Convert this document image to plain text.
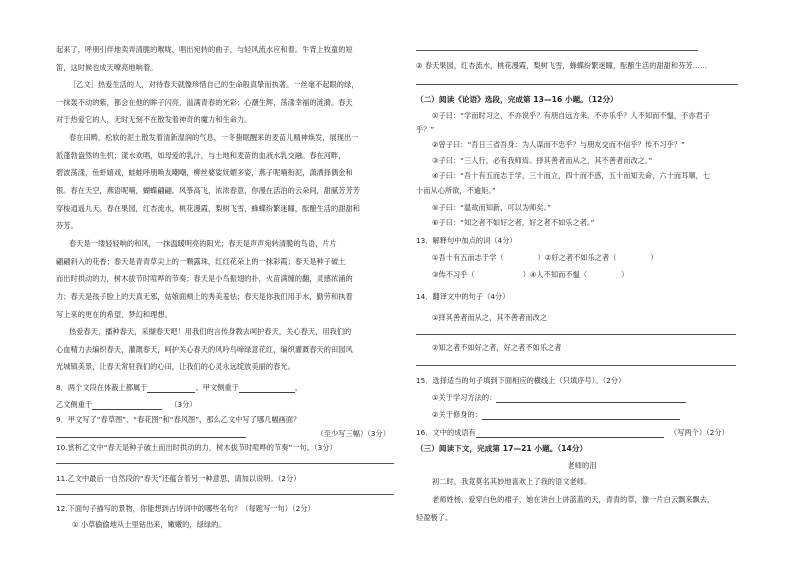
起来了，呼朋引伴地卖弄清脆的喉咙，唱出宛转的曲子，与轻风流水应和着。牛背上牧童的短
笛，这时候也成天嘹亮地响着。
［乙文］热爱生活的人，对待春天就像珍惜自己的生命般真挚而执著。一丝毫不起眼的绿，
一抹轰不动的紫，都会在他的眸子闪亮，溢满青春的光彩；心潮生辉，荡漾幸福的涟漪。春天
对于热爱它的人，无时无刻不在散发着神奇的魔力和生命力。
春在田畴，松软的泥土散发着清新湿润的气息，一冬蛰眠醒来的麦苗儿精神焕发，展现出一
派蓬勃盎然的生机；漾水欢唱，如母爱的乳汁，与土地和麦苗的血液水乳交融。春在河畔，
碧波荡漾，鱼虾嬉戏，蛙蛙呼朋唤友嘲嘲，柳丝婆娑妩媚多姿，燕子呢喃衔泥，潇洒择偶金和
银。春在天空，燕语呢喃，蝴蝶翩翩。风筝高飞，浓浓春意，你漫在活泊的云朵间，甜腻芳芳芳
穿梭逍遥九天。春在果园，红杏流水，桃花漫霞，梨树飞雪，蜂蝶纷繁迷瞳，酝酿生活的甜甜和
芬芳。
春天是一缕轻轻响的和风，一抹温暖明亮的阳光；春天是声声宛转清脆的鸟语，片片
翩翩斜入的花香；春天是青青草尖上的一颗露珠，红红花朵上的一抹彩霞；春天是种子破土
而出时拱动的力，树木拔节时喧哗的节奏；春天是小鸟振翅的扑，火苗满缠的翻，灵感浓涌的
力；春天是孩子脸上的天真无邪，姑娘面颊上的秀美羞怯；春天是你我们用手水，勤劳和执着
写上来的更在的希望、梦幻和理想。
热爱春天，播种春天，采撷春天吧！用我们的言传身教去呵护春天，关心春天，用我们的
心血精力去编织春天，灌溉春天，呵护关心春天的风吟鸟啼绿意花红，编织灌溉春天的田园风
光城镇美景，让春天常驻我们的心田，让我们的心灵永远绽放美丽的春光。
8．两个文段在体裁上都属于	。甲文侧重于	，
乙文侧重于	（3分）
9．甲文写了“春草图”、“春花图”和“春风图”，那么乙文中写了哪几幅画面？
（至少写三幅）（3分）
10.赏析乙文中“春天是种子破土而出时拱动的力，树木拔节时喧哗的节奏”一句。（3分）
11.乙文中最后一自然段的“春天”还蕴含着另一种意思，请加以说明。（2分）
12.下面句子描写的景物，你能想到古诗词中的哪些名句？（每题写一句）（2分）
① 小草偷偷地从土里钻出来，嫩嫩的，绿绿的。
② 春天果园，红杏流水，桃花漫霞，梨树飞雪，蜂蝶纷繁迷瞳，酝酿生活的甜甜和芬芳……
（二）阅读《论语》选段，完成第 13—16 小题。（12分）
①子曰：“学而时习之，不亦说乎？有朋自远方来，不亦乐乎？人不知而不愠，不亦君子
乎？”
②曾子曰：“吾日三省吾身：为人谋而不忠乎？与朋友交而不信乎？传不习乎？”
③子曰：“三人行，必有我师焉。择其善者而从之，其不善者而改之。”
④子曰：“吾十有五而志于学，三十而立，四十而不惑，五十而知天命，六十而耳顺，七
十而从心所欲，不逾矩。”
⑤子曰：“温故而知新，可以为师矣。”
⑥子曰：“知之者不如好之者，好之者不如乐之者。”
13．解释句中加点的词（4分）
①吾十有五而志于学（	）②好之者不如乐之者（	）
③传不习乎（	）④人不知而不愠（	）
14．翻译文中的句子（4分）
①择其善者而从之，其不善者而改之
②知之者不如好之者，好之者不如乐之者
15．选择适当的句子填到下面相应的横线上（只填序号）。（2分）
①关于学习方法的：
②关于修身的：
16．文中的成语有	（写两个）（2分）
（三）阅读下文，完成第 17—21 小题。（14分）
老师的泪
初二时，我竟莫名其妙地喜欢上了我的语文老师。
老师姓杨，爱穿白色的裙子，她在讲台上讲蓝蓝的天，青青的草，像一片白云飘来飘去，
轻盈极了。
